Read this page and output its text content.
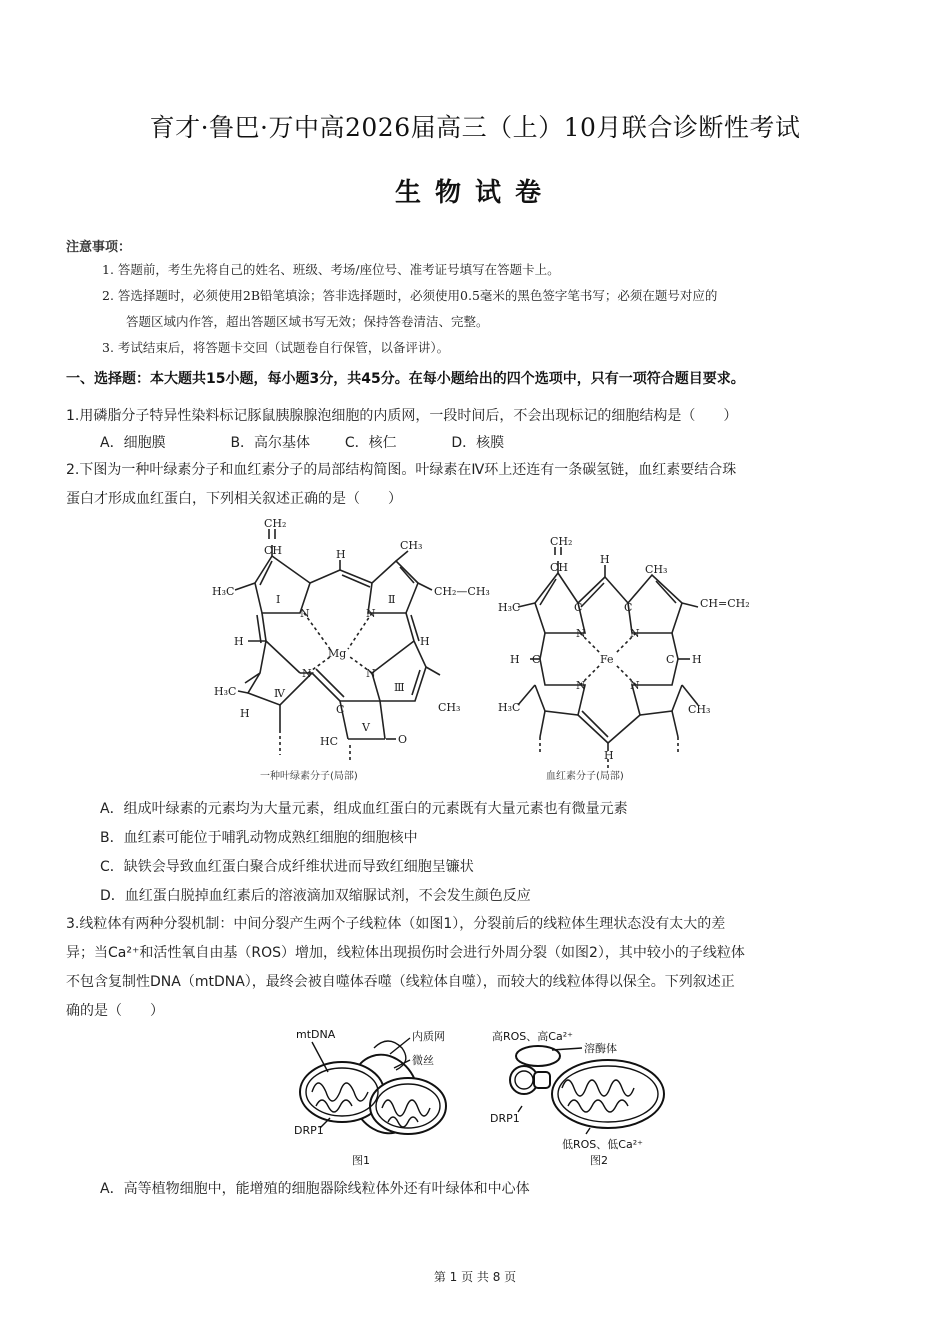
育才·鲁巴·万中高2026届高三（上）10月联合诊断性考试
生物试卷
注意事项：
1. 答题前，考生先将自己的姓名、班级、考场/座位号、准考证号填写在答题卡上。
2. 答选择题时，必须使用2B铅笔填涂；答非选择题时，必须使用0.5毫米的黑色签字笔书写；必须在题号对应的
答题区域内作答，超出答题区域书写无效；保持答卷清洁、完整。
3. 考试结束后，将答题卡交回（试题卷自行保管，以备评讲）。
一、选择题：本大题共15小题，每小题3分，共45分。在每小题给出的四个选项中，只有一项符合题目要求。
1.用磷脂分子特异性染料标记豚鼠胰腺腺泡细胞的内质网，一段时间后，不会出现标记的细胞结构是（　　）
A．细胞膜	B．高尔基体 C．核仁	D．核膜
2.下图为一种叶绿素分子和血红素分子的局部结构简图。叶绿素在Ⅳ环上还连有一条碳氢链，血红素要结合珠
蛋白才形成血红蛋白，下列相关叙述正确的是（　　）
CH₂
CH
H₃C
Ⅰ
N
H
CH₃
Ⅱ
N
CH₂—CH₃
H
Mg
N	N
H
H₃C	Ⅳ
H
Ⅲ
CH₃
C
Ⅴ
HC	O
一种叶绿素分子(局部)
CH₂
CH
H
CH₃
H₃C	C	C	CH=CH₂
N	N
H C	Fe	C H
N	N
H₃C	CH₃
H
血红素分子(局部)
A．组成叶绿素的元素均为大量元素，组成血红蛋白的元素既有大量元素也有微量元素
B．血红素可能位于哺乳动物成熟红细胞的细胞核中
C．缺铁会导致血红蛋白聚合成纤维状进而导致红细胞呈镰状
D．血红蛋白脱掉血红素后的溶液滴加双缩脲试剂，不会发生颜色反应
3.线粒体有两种分裂机制：中间分裂产生两个子线粒体（如图1），分裂前后的线粒体生理状态没有太大的差
异；当Ca²⁺和活性氧自由基（ROS）增加，线粒体出现损伤时会进行外周分裂（如图2），其中较小的子线粒体
不包含复制性DNA（mtDNA），最终会被自噬体吞噬（线粒体自噬），而较大的线粒体得以保全。下列叙述正
确的是（　　）
mtDNA	内质网
微丝
DRP1
图1
高ROS、高Ca²⁺
溶酶体
DRP1
低ROS、低Ca²⁺
图2
A．高等植物细胞中，能增殖的细胞器除线粒体外还有叶绿体和中心体
第 1 页 共 8 页
